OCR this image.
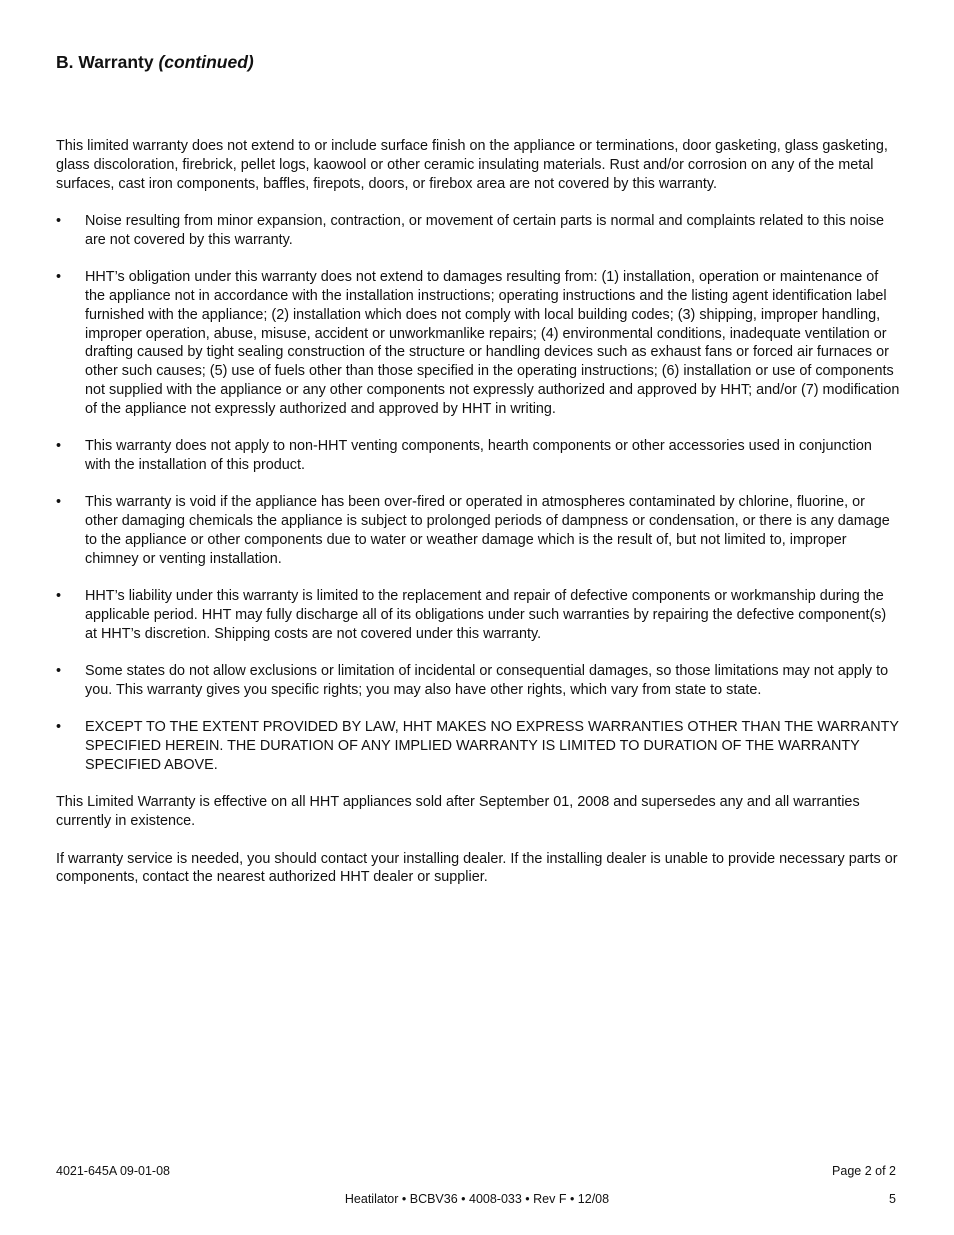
B. Warranty (continued)

This limited warranty does not extend to or include surface finish on the appliance or terminations, door gasketing, glass gasketing, glass discoloration, firebrick, pellet logs, kaowool or other ceramic insulating materials. Rust and/or corrosion on any of the metal surfaces, cast iron components, baffles, firepots, doors, or firebox area are not covered by this warranty.

•	Noise resulting from minor expansion, contraction, or movement of certain parts is normal and complaints related to this noise are not covered by this warranty.
•	HHT’s obligation under this warranty does not extend to damages resulting from: (1) installation, operation or maintenance of the appliance not in accordance with the installation instructions; operating instructions and the listing agent identification label furnished with the appliance; (2) installation which does not comply with local building codes; (3) shipping, improper handling, improper operation, abuse, misuse, accident or unworkmanlike repairs; (4) environmental conditions, inadequate ventilation or drafting caused by tight sealing construction of the structure or handling devices such as exhaust fans or forced air furnaces or other such causes; (5) use of fuels other than those specified in the operating instructions; (6) installation or use of components not supplied with the appliance or any other components not expressly authorized and approved by HHT; and/or (7) modification of the appliance not expressly authorized and approved by HHT in writing.
•	This warranty does not apply to non-HHT venting components, hearth components or other accessories used in conjunction with the installation of this product.
•	This warranty is void if the appliance has been over-fired or operated in atmospheres contaminated by chlorine, fluorine, or other damaging chemicals the appliance is subject to prolonged periods of dampness or condensation, or there is any damage to the appliance or other components due to water or weather damage which is the result of, but not limited to, improper chimney or venting installation.
•	HHT’s liability under this warranty is limited to the replacement and repair of defective components or workmanship during the applicable period. HHT may fully discharge all of its obligations under such warranties by repairing the defective component(s) at HHT’s discretion. Shipping costs are not covered under this warranty.
•	Some states do not allow exclusions or limitation of incidental or consequential damages, so those limitations may not apply to you. This warranty gives you specific rights; you may also have other rights, which vary from state to state.
•	EXCEPT TO THE EXTENT PROVIDED BY LAW, HHT MAKES NO EXPRESS WARRANTIES OTHER THAN THE WARRANTY SPECIFIED HEREIN. THE DURATION OF ANY IMPLIED WARRANTY IS LIMITED TO DURATION OF THE WARRANTY SPECIFIED ABOVE.

This Limited Warranty is effective on all HHT appliances sold after September 01, 2008 and supersedes any and all warranties currently in existence.

If warranty service is needed, you should contact your installing dealer. If the installing dealer is unable to provide necessary parts or components, contact the nearest authorized HHT dealer or supplier.

4021-645A 09-01-08	Page 2 of 2
Heatilator • BCBV36 • 4008-033 • Rev F • 12/08	5
